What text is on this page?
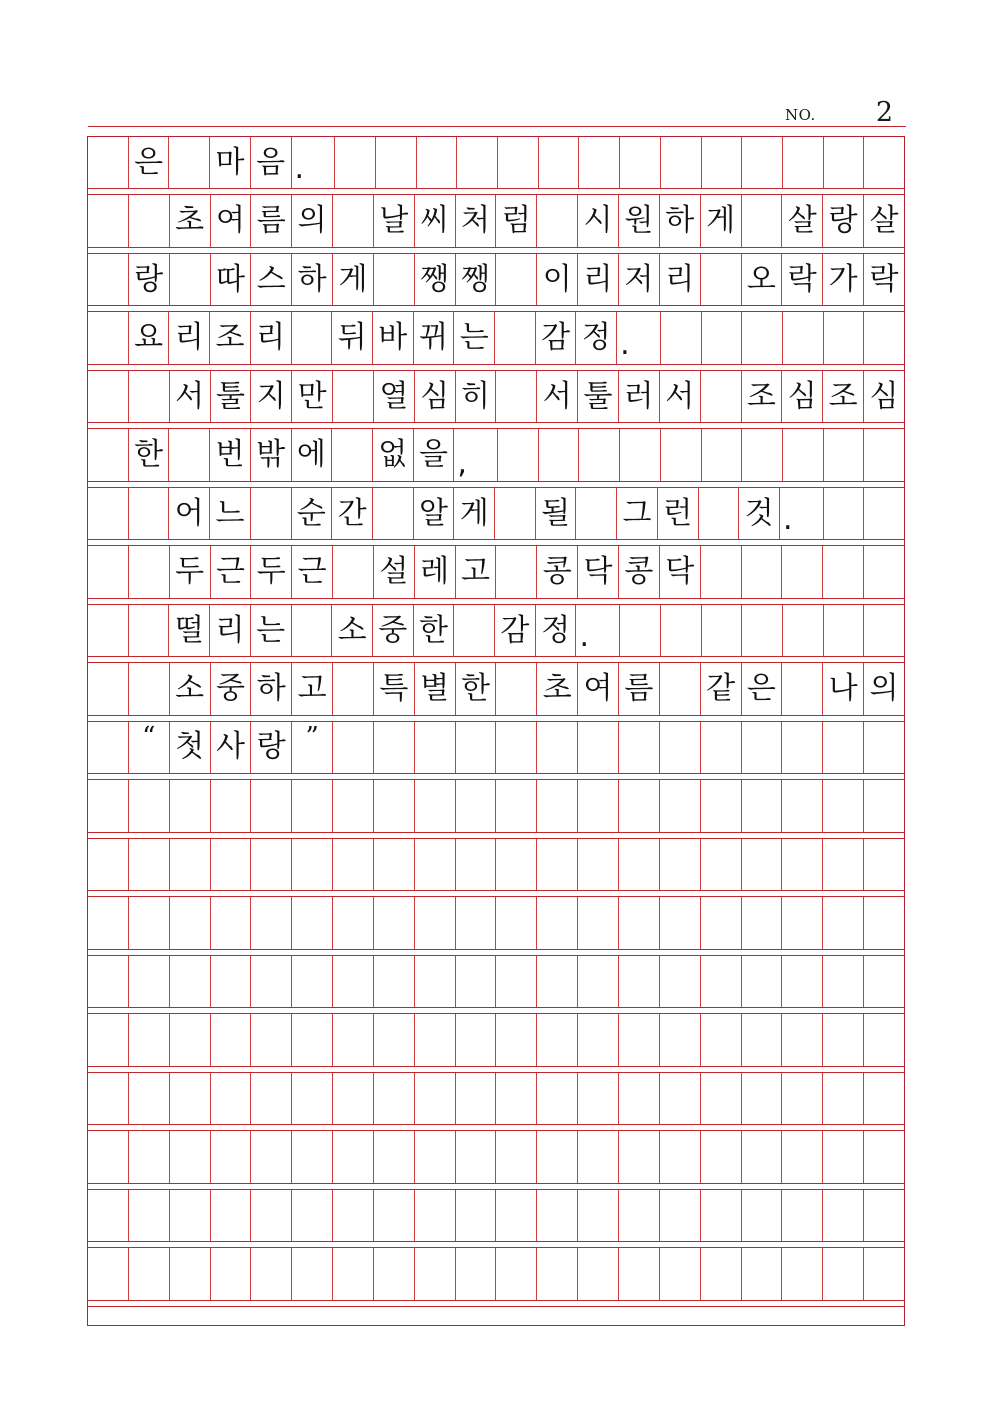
NO. 2
은 마 음 .
초 여 름 의 날 씨 처 럼 시 원 하 게 살 랑 살
랑 따 스 하 게 쨍 쨍 이 리 저 리 오 락 가 락
요 리 조 리 뒤 바 뀌 는 감 정 .
서 툴 지 만 열 심 히 서 툴 러 서 조 심 조 심
한 번 밖 에 없 을 ,
어 느 순 간 알 게 될 그 런 것 .
두 근 두 근 설 레 고 콩 닥 콩 닥
떨 리 는 소 중 한 감 정 .
소 중 하 고 특 별 한 초 여 름 같 은 나 의
“ 첫 사 랑 ”
